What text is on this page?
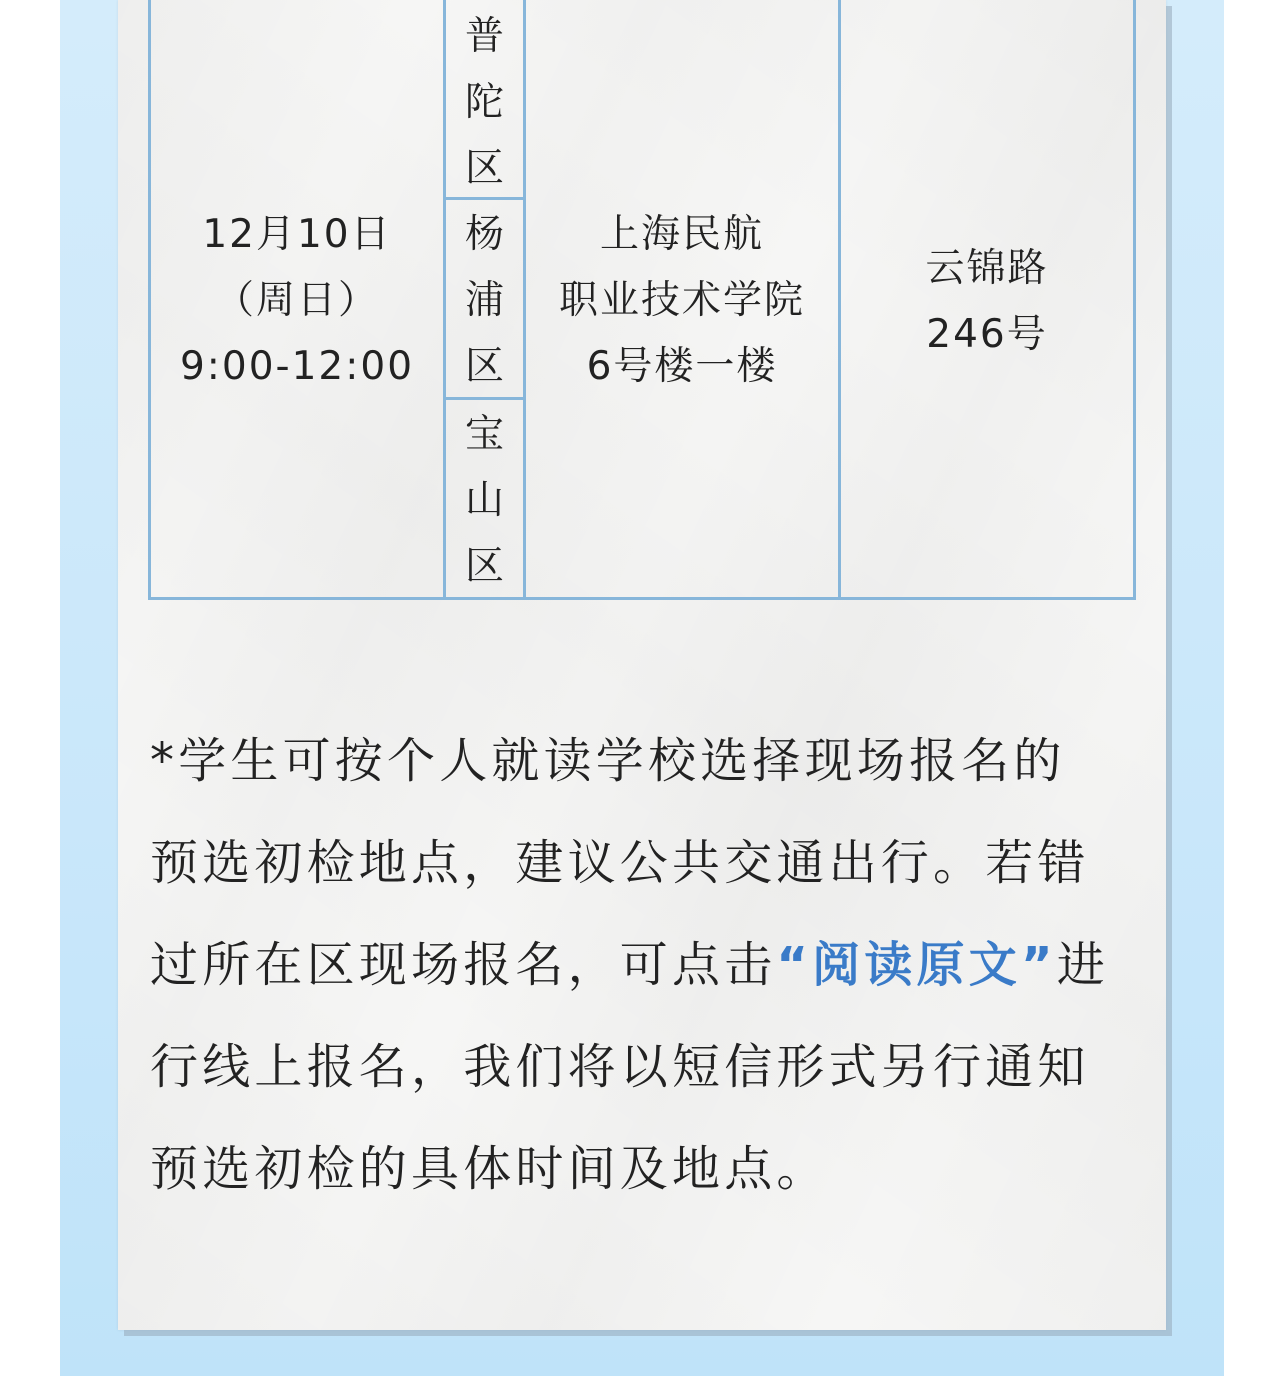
12月10日
（周日）
9:00-12:00
普
陀
区
杨
浦
区
宝
山
区
上海民航
职业技术学院
6号楼一楼
云锦路
246号
*学生可按个人就读学校选择现场报名的
预选初检地点，建议公共交通出行。若错
过所在区现场报名，可点击“阅读原文”进
行线上报名，我们将以短信形式另行通知
预选初检的具体时间及地点。
